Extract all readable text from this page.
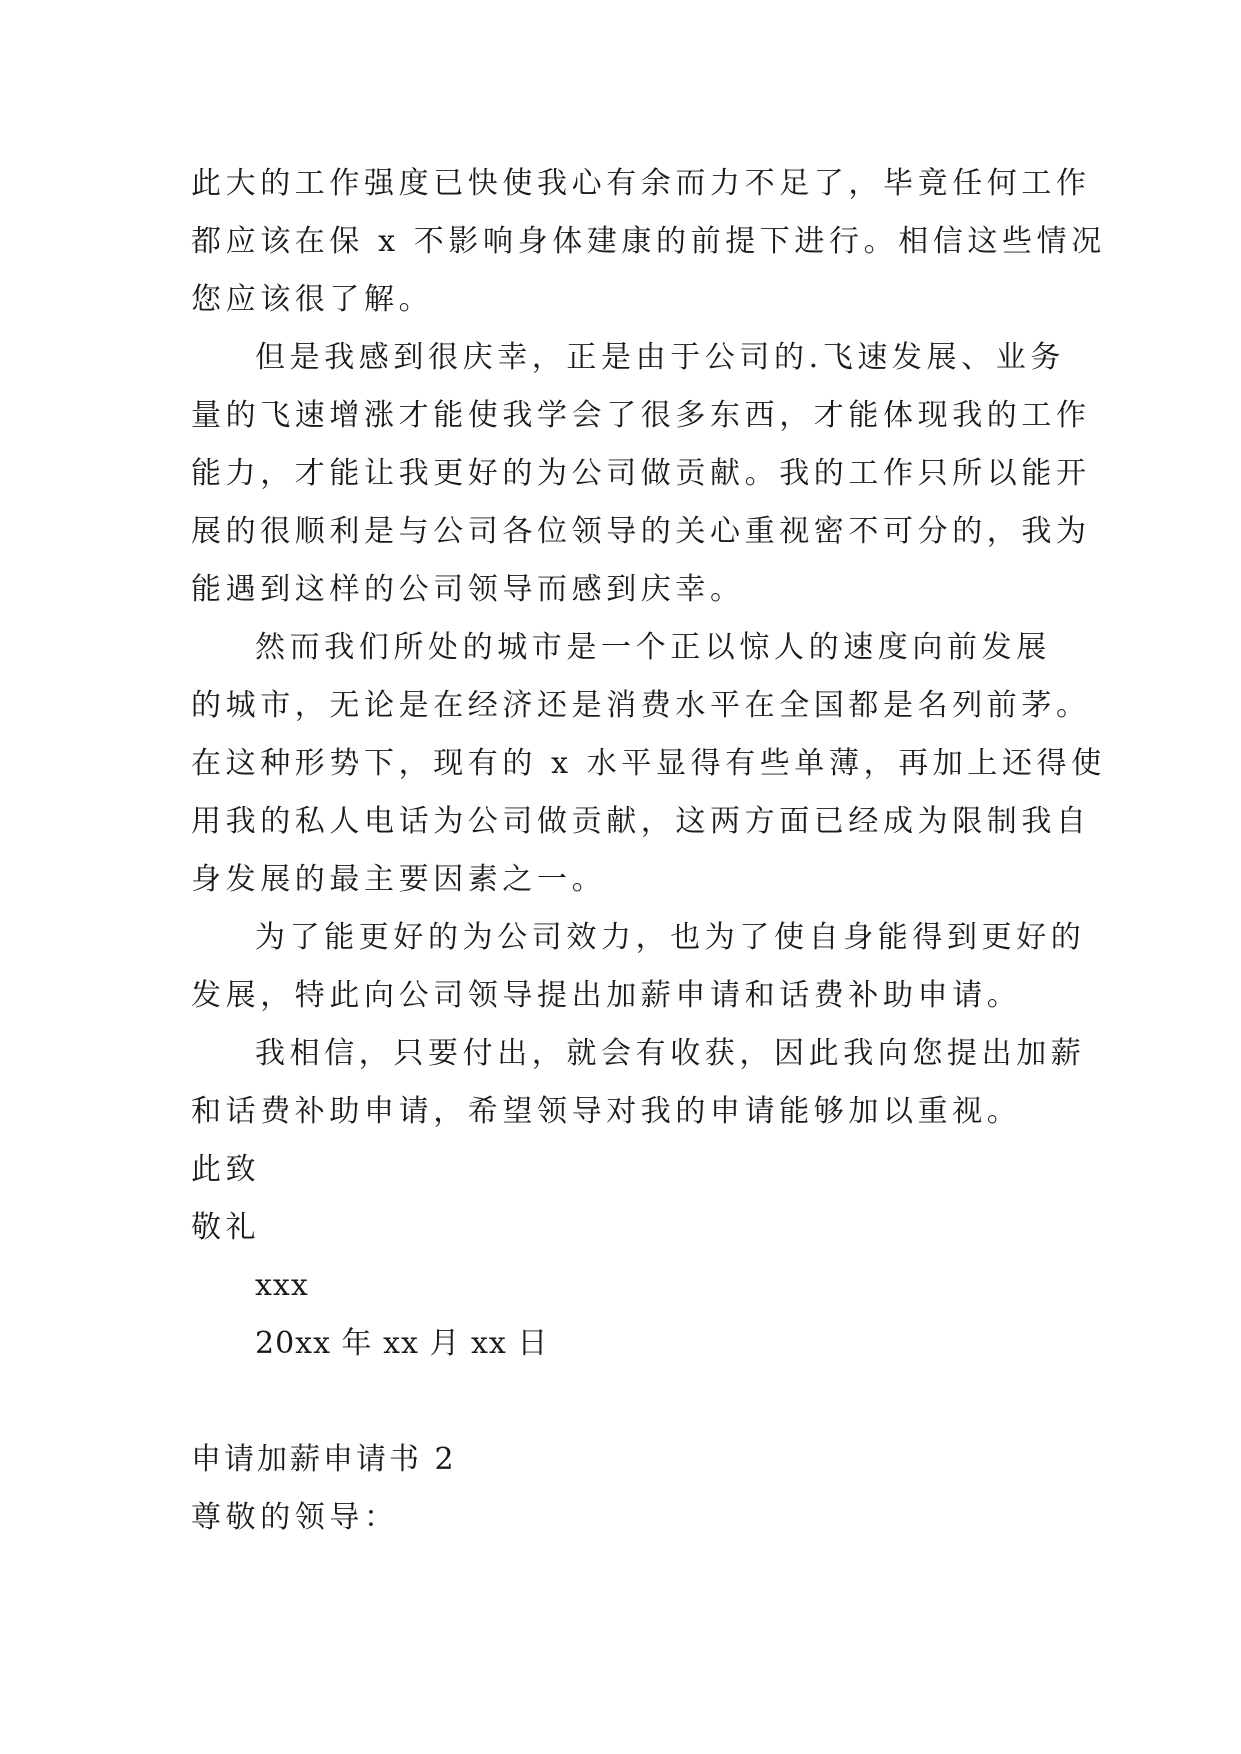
此大的工作强度已快使我心有余而力不足了，毕竟任何工作
都应该在保 x 不影响身体建康的前提下进行。相信这些情况
您应该很了解。
但是我感到很庆幸，正是由于公司的.飞速发展、业务
量的飞速增涨才能使我学会了很多东西，才能体现我的工作
能力，才能让我更好的为公司做贡献。我的工作只所以能开
展的很顺利是与公司各位领导的关心重视密不可分的，我为
能遇到这样的公司领导而感到庆幸。
然而我们所处的城市是一个正以惊人的速度向前发展
的城市，无论是在经济还是消费水平在全国都是名列前茅。
在这种形势下，现有的 x 水平显得有些单薄，再加上还得使
用我的私人电话为公司做贡献，这两方面已经成为限制我自
身发展的最主要因素之一。
为了能更好的为公司效力，也为了使自身能得到更好的
发展，特此向公司领导提出加薪申请和话费补助申请。
我相信，只要付出，就会有收获，因此我向您提出加薪
和话费补助申请，希望领导对我的申请能够加以重视。
此致
敬礼
xxx
20xx 年 xx 月 xx 日
申请加薪申请书 2
尊敬的领导：
